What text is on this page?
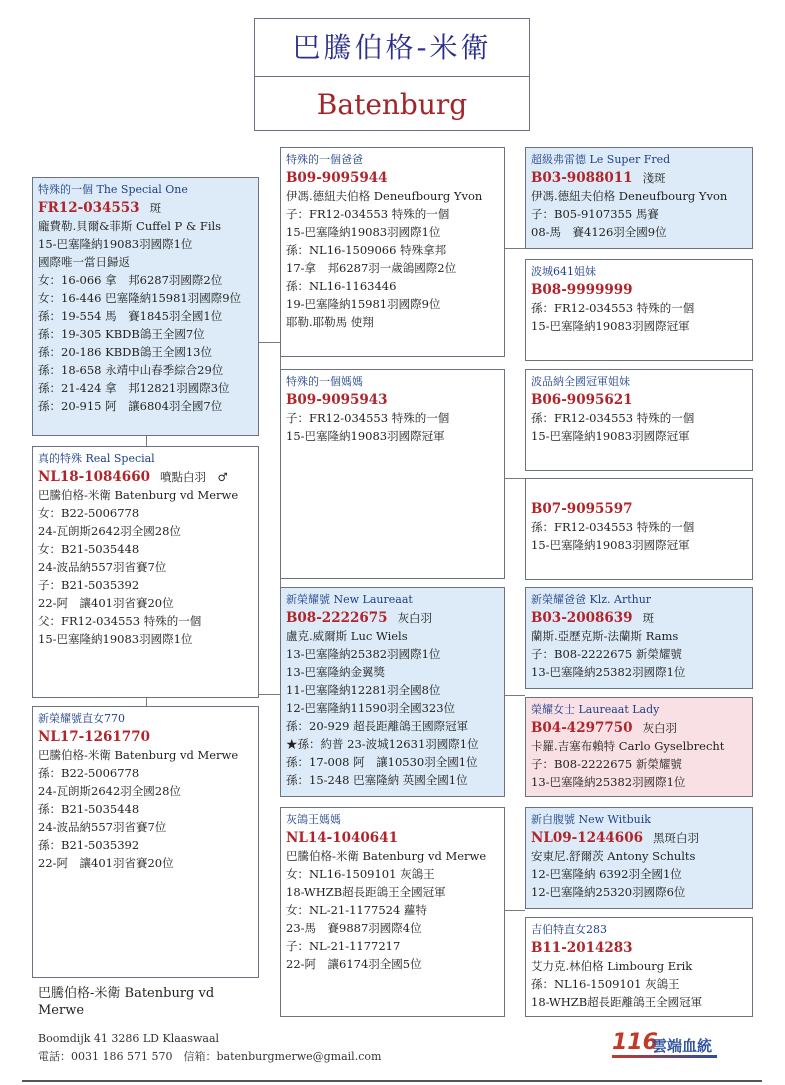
巴騰伯格-米衛
Batenburg
特殊的一個 The Special One
FR12-034553 斑
龐費勒.貝爾&菲斯 Cuffel P & Fils
15-巴塞隆納19083羽國際1位
國際唯一當日歸返
女：16-066 拿　邦6287羽國際2位
女：16-446 巴塞隆納15981羽國際9位
孫：19-554 馬　賽1845羽全國1位
孫：19-305 KBDB鴿王全國7位
孫：20-186 KBDB鴿王全國13位
孫：18-658 永靖中山春季綜合29位
孫：21-424 拿　邦12821羽國際3位
孫：20-915 阿　讓6804羽全國7位
真的特殊 Real Special
NL18-1084660 噴點白羽　♂
巴騰伯格-米衛 Batenburg vd Merwe
女：B22-5006778
24-瓦朗斯2642羽全國28位
女：B21-5035448
24-波品納557羽省賽7位
子：B21-5035392
22-阿　讓401羽省賽20位
父：FR12-034553 特殊的一個
15-巴塞隆納19083羽國際1位
新榮耀號直女770
NL17-1261770
巴騰伯格-米衛 Batenburg vd Merwe
孫：B22-5006778
24-瓦朗斯2642羽全國28位
孫：B21-5035448
24-波品納557羽省賽7位
孫：B21-5035392
22-阿　讓401羽省賽20位
特殊的一個爸爸
B09-9095944
伊馮.德紐夫伯格 Deneufbourg Yvon
子：FR12-034553 特殊的一個
15-巴塞隆納19083羽國際1位
孫：NL16-1509066 特殊拿邦
17-拿　邦6287羽一歲鴿國際2位
孫：NL16-1163446
19-巴塞隆納15981羽國際9位
耶勒.耶勒馬 使翔
特殊的一個媽媽
B09-9095943
子：FR12-034553 特殊的一個
15-巴塞隆納19083羽國際冠軍
新榮耀號 New Laureaat
B08-2222675 灰白羽
盧克.威爾斯 Luc Wiels
13-巴塞隆納25382羽國際1位
13-巴塞隆納金翼獎
11-巴塞隆納12281羽全國8位
12-巴塞隆納11590羽全國323位
孫：20-929 超長距離鴿王國際冠軍
★孫：約普 23-波城12631羽國際1位
孫：17-008 阿　讓10530羽全國1位
孫：15-248 巴塞隆納 英國全國1位
灰鴿王媽媽
NL14-1040641
巴騰伯格-米衛 Batenburg vd Merwe
女：NL16-1509101 灰鴿王
18-WHZB超長距鴿王全國冠軍
女：NL-21-1177524 蘿特
23-馬　賽9887羽國際4位
子：NL-21-1177217
22-阿　讓6174羽全國5位
超級弗雷德 Le Super Fred
B03-9088011 淺斑
伊馮.德紐夫伯格 Deneufbourg Yvon
子：B05-9107355 馬賽
08-馬　賽4126羽全國9位
波城641姐妹
B08-9999999
孫：FR12-034553 特殊的一個
15-巴塞隆納19083羽國際冠軍
波品納全國冠軍姐妹
B06-9095621
孫：FR12-034553 特殊的一個
15-巴塞隆納19083羽國際冠軍
B07-9095597
孫：FR12-034553 特殊的一個
15-巴塞隆納19083羽國際冠軍
新榮耀爸爸 Klz. Arthur
B03-2008639 斑
蘭斯.亞歷克斯-法蘭斯 Rams
子：B08-2222675 新榮耀號
13-巴塞隆納25382羽國際1位
榮耀女士 Laureaat Lady
B04-4297750 灰白羽
卡羅.吉塞布賴特 Carlo Gyselbrecht
子：B08-2222675 新榮耀號
13-巴塞隆納25382羽國際1位
新白腹號 New Witbuik
NL09-1244606 黑斑白羽
安東尼.舒爾茨 Antony Schults
12-巴塞隆納 6392羽全國1位
12-巴塞隆納25320羽國際6位
吉伯特直女283
B11-2014283
艾力克.林伯格 Limbourg Erik
孫：NL16-1509101 灰鴿王
18-WHZB超長距離鴿王全國冠軍
巴騰伯格-米衛 Batenburg vd Merwe
Boomdijk 41 3286 LD Klaaswaal
電話：0031 186 571 570　信箱：batenburgmerwe@gmail.com
116
雲端血統
